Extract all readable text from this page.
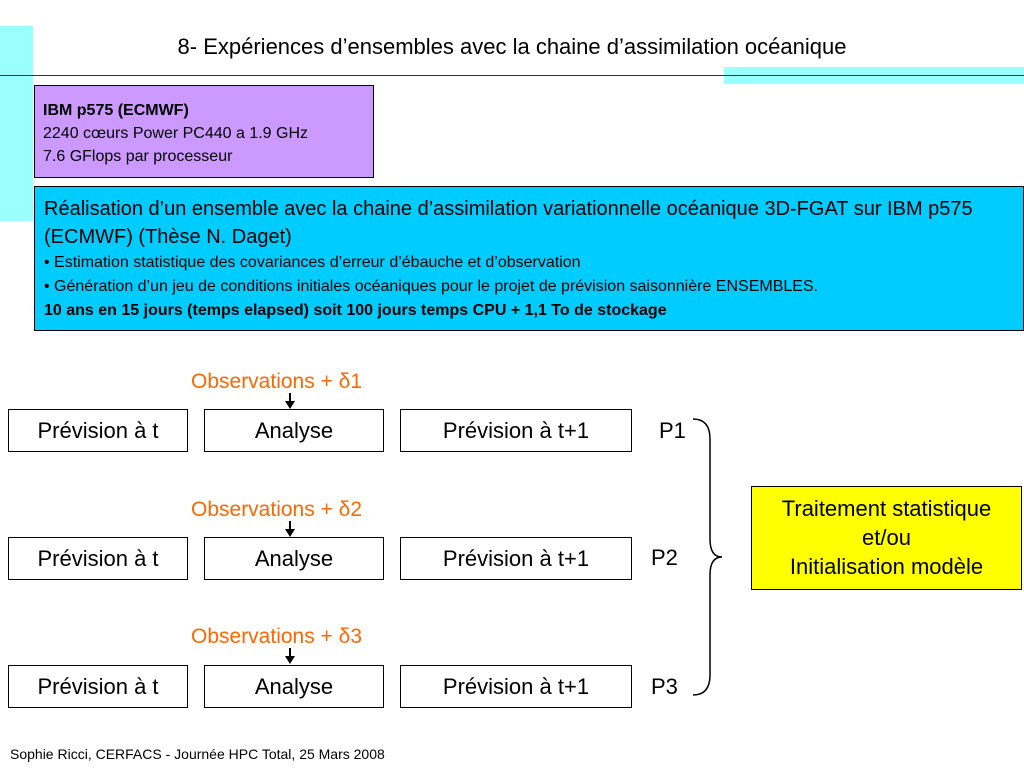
8- Expériences d’ensembles avec la chaine d’assimilation océanique
IBM p575 (ECMWF)
2240 cœurs Power PC440 a 1.9 GHz
7.6 GFlops par processeur
Réalisation d’un ensemble avec la chaine d’assimilation variationnelle océanique 3D-FGAT sur IBM p575 (ECMWF) (Thèse N. Daget)
• Estimation statistique des covariances d’erreur d’ébauche et d’observation
• Génération d’un jeu de conditions initiales océaniques pour le projet de prévision saisonnière ENSEMBLES.
10 ans en 15 jours (temps elapsed) soit 100 jours temps CPU + 1,1 To de stockage
Observations + δ1
Prévision à t	Analyse	Prévision à t+1	P1
Observations + δ2
Prévision à t	Analyse	Prévision à t+1	P2
Observations + δ3
Prévision à t	Analyse	Prévision à t+1	P3
Traitement statistique
et/ou
Initialisation modèle
Sophie Ricci, CERFACS - Journée HPC Total, 25 Mars 2008
